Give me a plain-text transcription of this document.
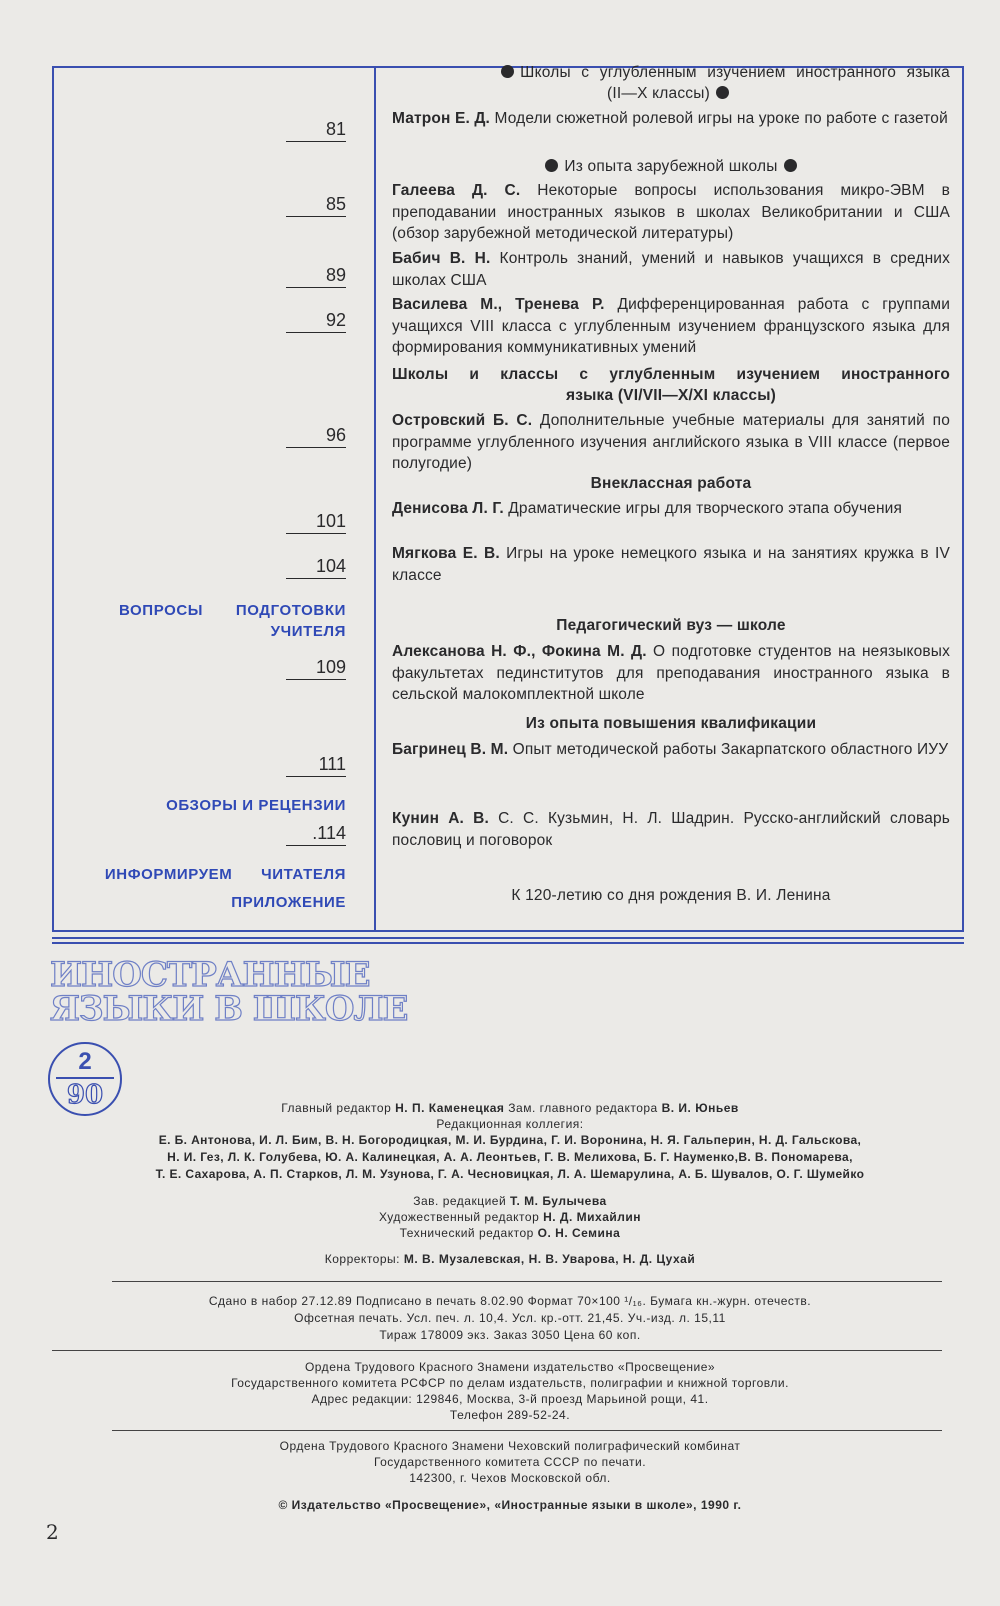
81
85
89
92
96
101
104
ВОПРОСЫ ПОДГОТОВКИ
УЧИТЕЛЯ
109
111
ОБЗОРЫ И РЕЦЕНЗИИ
.114
ИНФОРМИРУЕМ ЧИТАТЕЛЯ
ПРИЛОЖЕНИЕ
Школы с углубленным изучением иностранного языка
(II—X классы)
Матрон Е. Д. Модели сюжетной ролевой игры на уроке по работе с газетой
Из опыта зарубежной школы
Галеева Д. С. Некоторые вопросы использования микро-ЭВМ в преподавании иностранных языков в школах Великобритании и США (обзор зарубежной методической литературы)
Бабич В. Н. Контроль знаний, умений и навыков учащихся в средних школах США
Василева М., Тренева Р. Дифференцированная работа с группами учащихся VIII класса с углубленным изучением французского языка для формирования коммуникативных умений
Школы и классы с углубленным изучением иностранного
языка (VI/VII—X/XI классы)
Островский Б. С. Дополнительные учебные материалы для занятий по программе углубленного изучения английского языка в VIII классе (первое полугодие)
Внеклассная работа
Денисова Л. Г. Драматические игры для творческого этапа обучения
Мягкова Е. В. Игры на уроке немецкого языка и на занятиях кружка в IV классе
Педагогический вуз — школе
Алексанова Н. Ф., Фокина М. Д. О подготовке студентов на неязыковых факультетах пединститутов для преподавания иностранного языка в сельской малокомплектной школе
Из опыта повышения квалификации
Багринец В. М. Опыт методической работы Закарпатского областного ИУУ
Кунин А. В. С. С. Кузьмин, Н. Л. Шадрин. Русско-английский словарь пословиц и поговорок
К 120-летию со дня рождения В. И. Ленина
ИНОСТРАННЫЕ
ЯЗЫКИ В ШКОЛЕ
2
90	Главный редактор Н. П. Каменецкая Зам. главного редактора В. И. Юньев
Редакционная коллегия:
Е. Б. Антонова, И. Л. Бим, В. Н. Богородицкая, М. И. Бурдина, Г. И. Воронина, Н. Я. Гальперин, Н. Д. Гальскова,
Н. И. Гез, Л. К. Голубева, Ю. А. Калинецкая, А. А. Леонтьев, Г. В. Мелихова, Б. Г. Науменко,В. В. Пономарева,
Т. Е. Сахарова, А. П. Старков, Л. М. Узунова, Г. А. Чесновицкая, Л. А. Шемарулина, А. Б. Шувалов, О. Г. Шумейко
Зав. редакцией Т. М. Булычева
Художественный редактор Н. Д. Михайлин
Технический редактор О. Н. Семина
Корректоры: М. В. Музалевская, Н. В. Уварова, Н. Д. Цухай
Сдано в набор 27.12.89 Подписано в печать 8.02.90 Формат 70×100 ¹/₁₆. Бумага кн.-журн. отечеств.
Офсетная печать. Усл. печ. л. 10,4. Усл. кр.-отт. 21,45. Уч.-изд. л. 15,11
Тираж 178009 экз. Заказ 3050 Цена 60 коп.
Ордена Трудового Красного Знамени издательство «Просвещение»
Государственного комитета РСФСР по делам издательств, полиграфии и книжной торговли.
Адрес редакции: 129846, Москва, 3-й проезд Марьиной рощи, 41.
Телефон 289-52-24.
Ордена Трудового Красного Знамени Чеховский полиграфический комбинат
Государственного комитета СССР по печати.
142300, г. Чехов Московской обл.
© Издательство «Просвещение», «Иностранные языки в школе», 1990 г.
2
